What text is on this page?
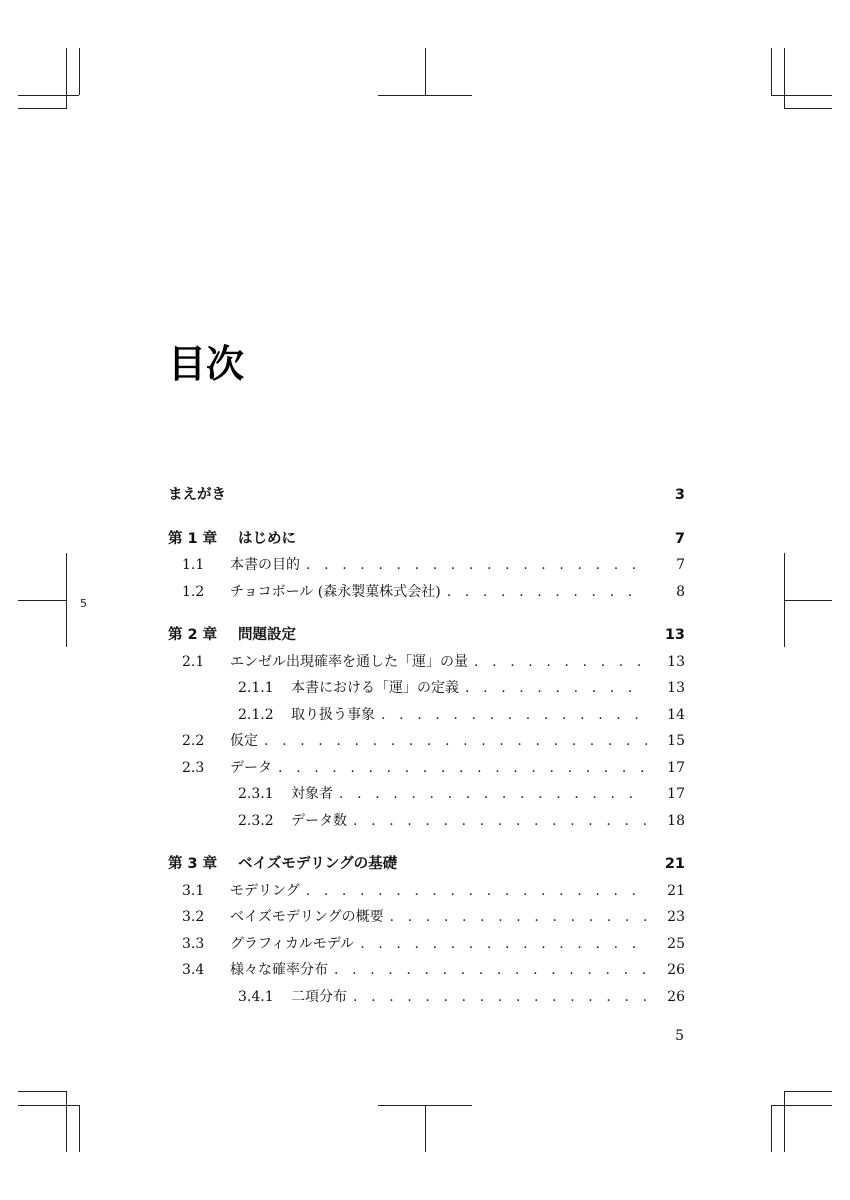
5
目次
まえがき	3
第 1 章	はじめに	7
1.1	本書の目的 . . .	7
1.2	チョコボール (森永製菓株式会社) . . .	8
第 2 章	問題設定	13
2.1	エンゼル出現確率を通した「運」の量 . . .	13
2.1.1	本書における「運」の定義 . . .	13
2.1.2	取り扱う事象 . . .	14
2.2	仮定 . . .	15
2.3	データ . . .	17
2.3.1	対象者 . . .	17
2.3.2	データ数 . . .	18
第 3 章	ベイズモデリングの基礎	21
3.1	モデリング . . .	21
3.2	ベイズモデリングの概要 . . .	23
3.3	グラフィカルモデル . . .	25
3.4	様々な確率分布 . . .	26
3.4.1	二項分布 . . .	26
5
